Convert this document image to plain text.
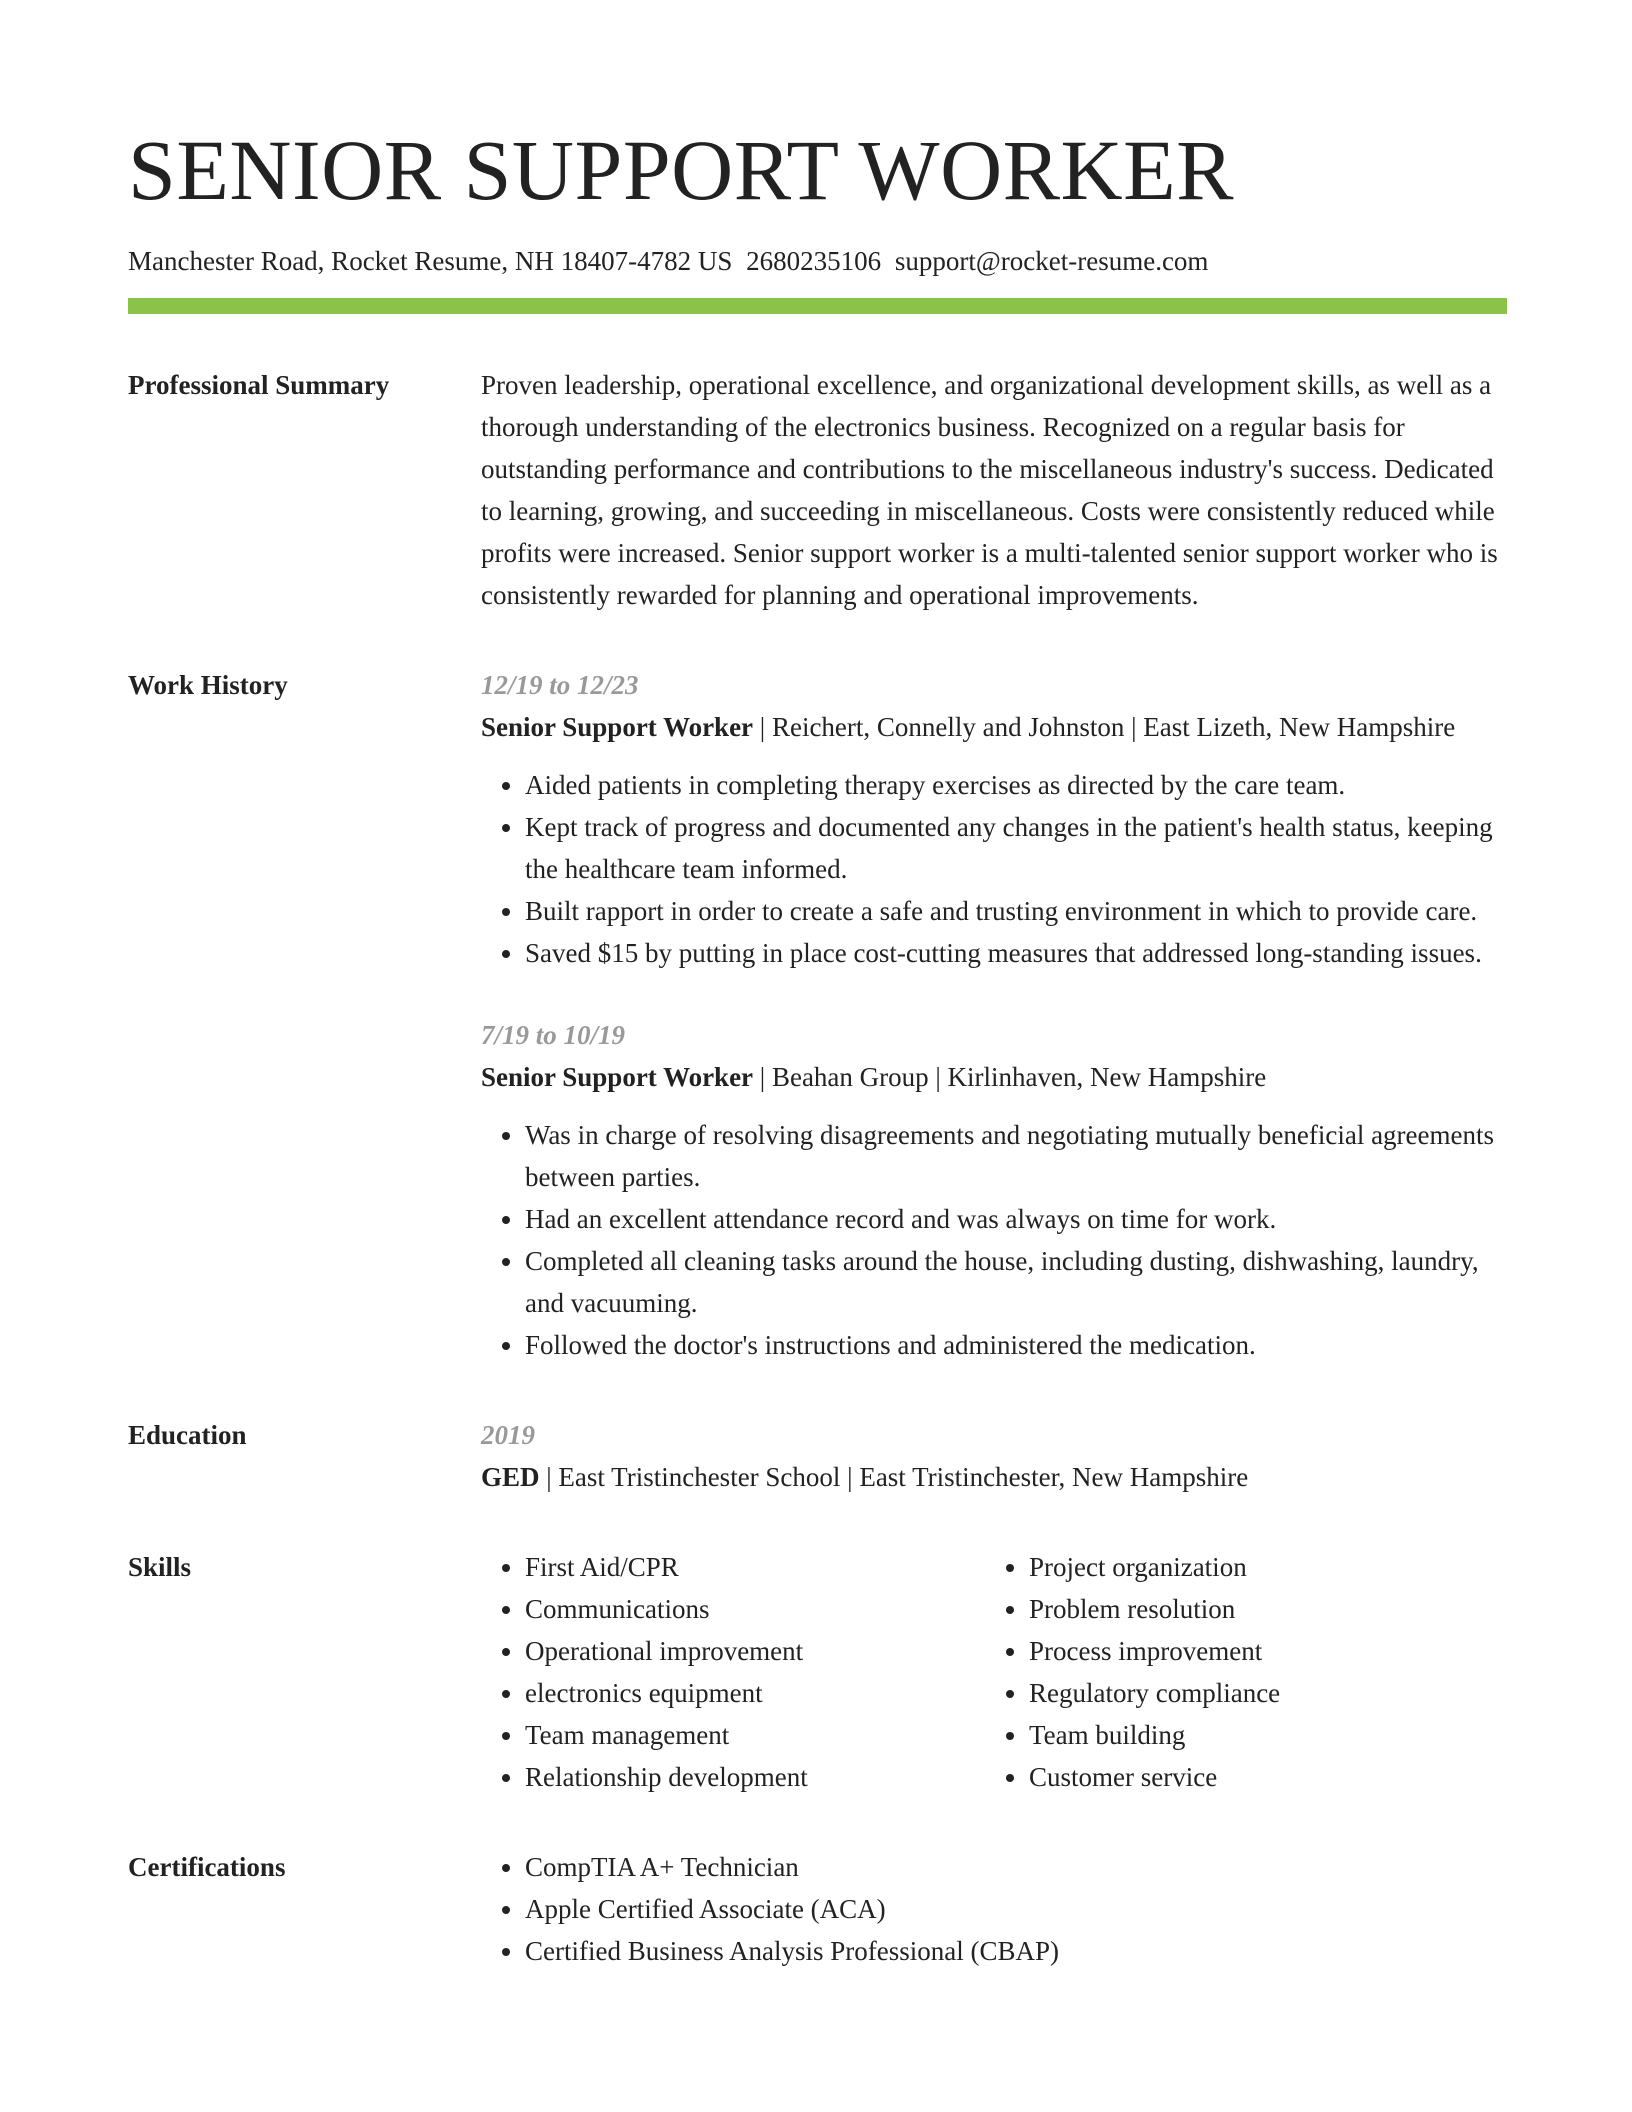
SENIOR SUPPORT WORKER
Manchester Road, Rocket Resume, NH 18407-4782 US 2680235106 support@rocket-resume.com
Professional Summary	Proven leadership, operational excellence, and organizational development skills, as well as a thorough understanding of the electronics business. Recognized on a regular basis for outstanding performance and contributions to the miscellaneous industry's success. Dedicated to learning, growing, and succeeding in miscellaneous. Costs were consistently reduced while profits were increased. Senior support worker is a multi-talented senior support worker who is consistently rewarded for planning and operational improvements.

Work History	12/19 to 12/23

Senior Support Worker | Reichert, Connelly and Johnston | East Lizeth, New Hampshire

• Aided patients in completing therapy exercises as directed by the care team.
• Kept track of progress and documented any changes in the patient's health status, keeping the healthcare team informed.
• Built rapport in order to create a safe and trusting environment in which to provide care.
• Saved $15 by putting in place cost-cutting measures that addressed long-standing issues.
7/19 to 10/19

Senior Support Worker | Beahan Group | Kirlinhaven, New Hampshire

• Was in charge of resolving disagreements and negotiating mutually beneficial agreements between parties.
• Had an excellent attendance record and was always on time for work.
• Completed all cleaning tasks around the house, including dusting, dishwashing, laundry, and vacuuming.
• Followed the doctor's instructions and administered the medication.
Education	2019

GED | East Tristinchester School | East Tristinchester, New Hampshire

Skills	• First Aid/CPR
• Communications
• Operational improvement
• electronics equipment
• Team management
• Relationship development
• Project organization
• Problem resolution
• Process improvement
• Regulatory compliance
• Team building
• Customer service
Certifications	• CompTIA A+ Technician
• Apple Certified Associate (ACA)
• Certified Business Analysis Professional (CBAP)
